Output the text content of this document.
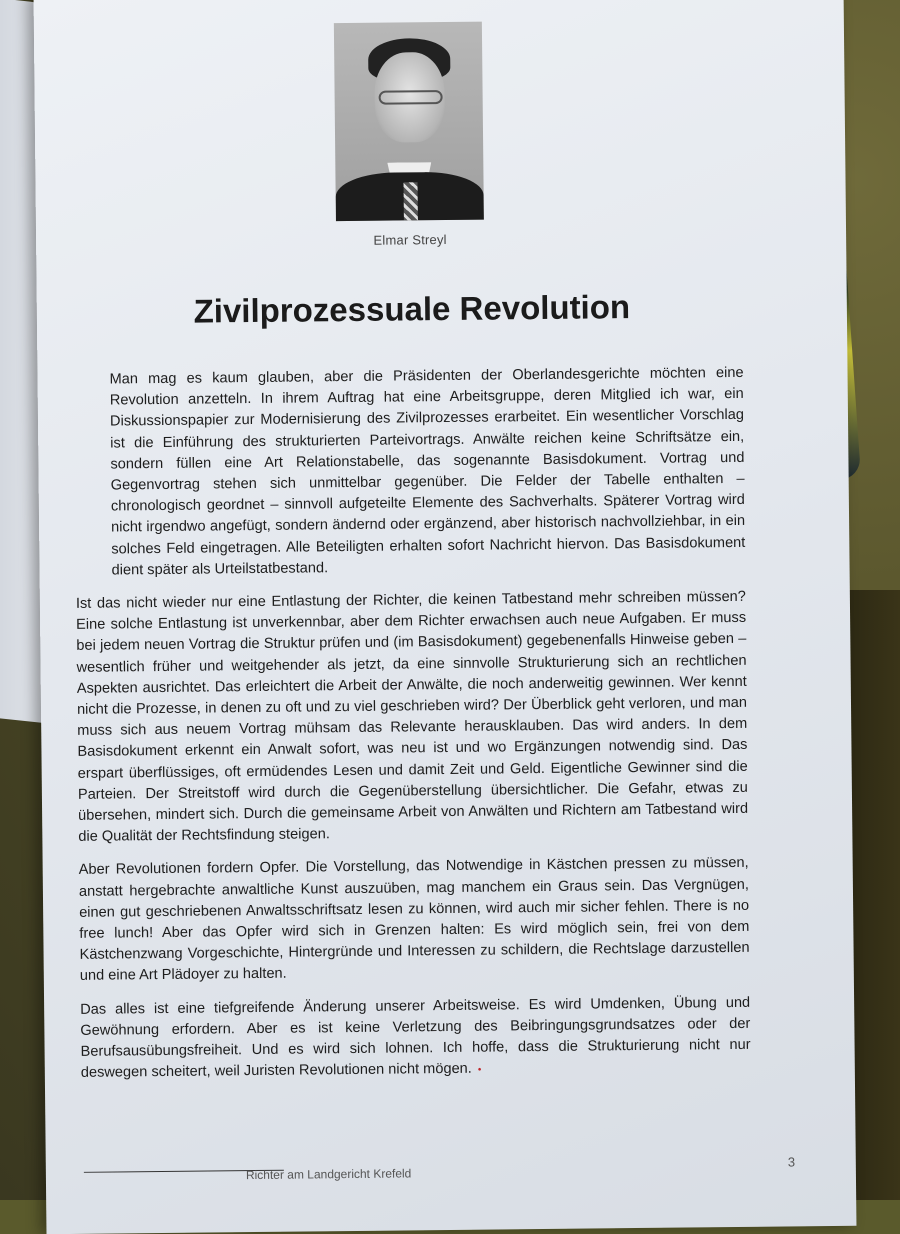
Elmar Streyl
Zivilprozessuale Revolution

Man mag es kaum glauben, aber die Präsidenten der Oberlandesgerichte möchten eine Revolution anzetteln. In ihrem Auftrag hat eine Arbeitsgruppe, deren Mitglied ich war, ein Diskussionspapier zur Modernisierung des Zivilprozesses erarbeitet. Ein wesentlicher Vorschlag ist die Einführung des strukturierten Parteivortrags. Anwälte reichen keine Schriftsätze ein, sondern füllen eine Art Relationstabelle, das sogenannte Basisdokument. Vortrag und Gegenvortrag stehen sich unmittelbar gegenüber. Die Felder der Tabelle enthalten – chronologisch geordnet – sinnvoll aufgeteilte Elemente des Sachverhalts. Späterer Vortrag wird nicht irgendwo angefügt, sondern ändernd oder ergänzend, aber historisch nachvollziehbar, in ein solches Feld eingetragen. Alle Beteiligten erhalten sofort Nachricht hiervon. Das Basisdokument dient später als Urteilstatbestand.

Ist das nicht wieder nur eine Entlastung der Richter, die keinen Tatbestand mehr schreiben müssen? Eine solche Entlastung ist unverkennbar, aber dem Richter erwachsen auch neue Aufgaben. Er muss bei jedem neuen Vortrag die Struktur prüfen und (im Basisdokument) gegebenenfalls Hinweise geben – wesentlich früher und weitgehender als jetzt, da eine sinnvolle Strukturierung sich an rechtlichen Aspekten ausrichtet. Das erleichtert die Arbeit der Anwälte, die noch anderweitig gewinnen. Wer kennt nicht die Prozesse, in denen zu oft und zu viel geschrieben wird? Der Überblick geht verloren, und man muss sich aus neuem Vortrag mühsam das Relevante herausklauben. Das wird anders. In dem Basisdokument erkennt ein Anwalt sofort, was neu ist und wo Ergänzungen notwendig sind. Das erspart überflüssiges, oft ermüdendes Lesen und damit Zeit und Geld. Eigentliche Gewinner sind die Parteien. Der Streitstoff wird durch die Gegenüberstellung übersichtlicher. Die Gefahr, etwas zu übersehen, mindert sich. Durch die gemeinsame Arbeit von Anwälten und Richtern am Tatbestand wird die Qualität der Rechtsfindung steigen.

Aber Revolutionen fordern Opfer. Die Vorstellung, das Notwendige in Kästchen pressen zu müssen, anstatt hergebrachte anwaltliche Kunst auszuüben, mag manchem ein Graus sein. Das Vergnügen, einen gut geschriebenen Anwaltsschriftsatz lesen zu können, wird auch mir sicher fehlen. There is no free lunch! Aber das Opfer wird sich in Grenzen halten: Es wird möglich sein, frei von dem Kästchenzwang Vorgeschichte, Hintergründe und Interessen zu schildern, die Rechtslage darzustellen und eine Art Plädoyer zu halten.

Das alles ist eine tiefgreifende Änderung unserer Arbeitsweise. Es wird Umdenken, Übung und Gewöhnung erfordern. Aber es ist keine Verletzung des Beibringungsgrundsatzes oder der Berufsausübungsfreiheit. Und es wird sich lohnen. Ich hoffe, dass die Strukturierung nicht nur deswegen scheitert, weil Juristen Revolutionen nicht mögen. •

Richter am Landgericht Krefeld
3
